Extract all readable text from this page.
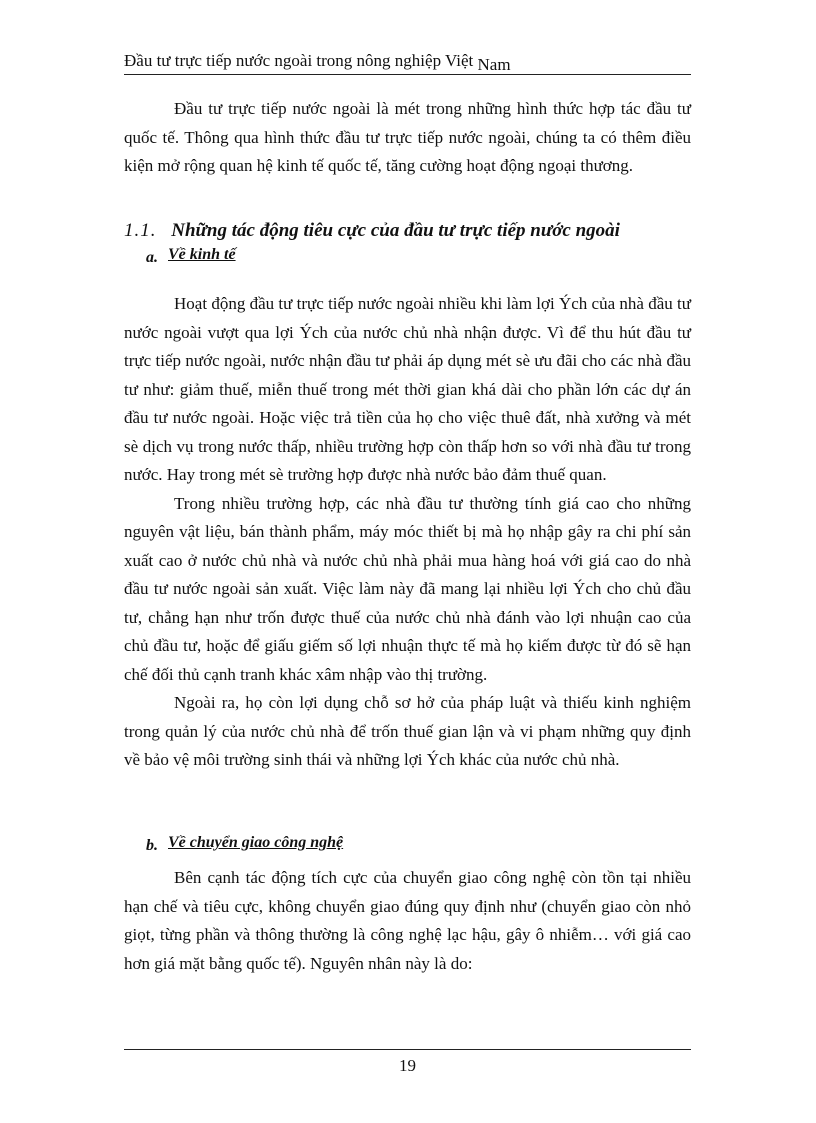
Đầu tư trực tiếp nước ngoài trong nông nghiệp Việt Nam

Đầu tư trực tiếp nước ngoài là mét trong những hình thức hợp tác đầu tư quốc tế. Thông qua hình thức đầu tư trực tiếp nước ngoài, chúng ta có thêm điều kiện mở rộng quan hệ kinh tế quốc tế, tăng cường hoạt động ngoại thương.

1.1. Những tác động tiêu cực của đầu tư trực tiếp nước ngoài
a. Về kinh tế

Hoạt động đầu tư trực tiếp nước ngoài nhiều khi làm lợi Ých của nhà đầu tư nước ngoài vượt qua lợi Ých của nước chủ nhà nhận được. Vì để thu hút đầu tư trực tiếp nước ngoài, nước nhận đầu tư phải áp dụng mét sè ưu đãi cho các nhà đầu tư như: giảm thuế, miễn thuế trong mét thời gian khá dài cho phần lớn các dự án đầu tư nước ngoài. Hoặc việc trả tiền của họ cho việc thuê đất, nhà xưởng và mét sè dịch vụ trong nước thấp, nhiều trường hợp còn thấp hơn so với nhà đầu tư trong nước. Hay trong mét sè trường hợp được nhà nước bảo đảm thuế quan.

Trong nhiều trường hợp, các nhà đầu tư thường tính giá cao cho những nguyên vật liệu, bán thành phẩm, máy móc thiết bị mà họ nhập gây ra chi phí sản xuất cao ở nước chủ nhà và nước chủ nhà phải mua hàng hoá với giá cao do nhà đầu tư nước ngoài sản xuất. Việc làm này đã mang lại nhiều lợi Ých cho chủ đầu tư, chẳng hạn như trốn được thuế của nước chủ nhà đánh vào lợi nhuận cao của chủ đầu tư, hoặc để giấu giếm số lợi nhuận thực tế mà họ kiếm được từ đó sẽ hạn chế đối thủ cạnh tranh khác xâm nhập vào thị trường.

Ngoài ra, họ còn lợi dụng chỗ sơ hở của pháp luật và thiếu kinh nghiệm trong quản lý của nước chủ nhà để trốn thuế gian lận và vi phạm những quy định về bảo vệ môi trường sinh thái và những lợi Ých khác của nước chủ nhà.

b. Về chuyển giao công nghệ

Bên cạnh tác động tích cực của chuyển giao công nghệ còn tồn tại nhiều hạn chế và tiêu cực, không chuyển giao đúng quy định như (chuyển giao còn nhỏ giọt, từng phần và thông thường là công nghệ lạc hậu, gây ô nhiễm… với giá cao hơn giá mặt bằng quốc tế). Nguyên nhân này là do:

19
